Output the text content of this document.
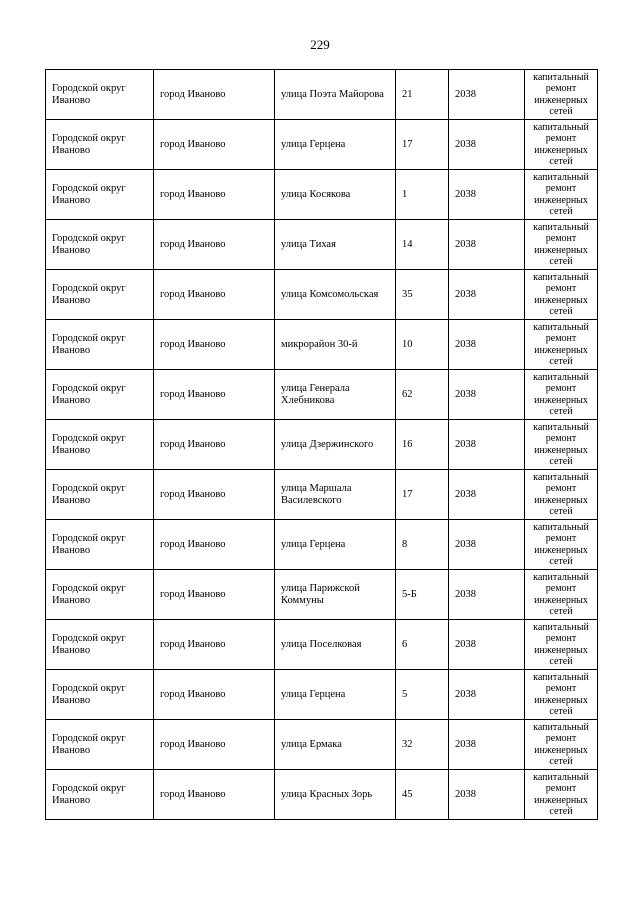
229
Городской округ Иваново	город Иваново	улица Поэта Майорова	21	2038	капитальный ремонт инженерных сетей
Городской округ Иваново	город Иваново	улица Герцена	17	2038	капитальный ремонт инженерных сетей
Городской округ Иваново	город Иваново	улица Косякова	1	2038	капитальный ремонт инженерных сетей
Городской округ Иваново	город Иваново	улица Тихая	14	2038	капитальный ремонт инженерных сетей
Городской округ Иваново	город Иваново	улица Комсомольская	35	2038	капитальный ремонт инженерных сетей
Городской округ Иваново	город Иваново	микрорайон 30-й	10	2038	капитальный ремонт инженерных сетей
Городской округ Иваново	город Иваново	улица Генерала Хлебникова	62	2038	капитальный ремонт инженерных сетей
Городской округ Иваново	город Иваново	улица Дзержинского	16	2038	капитальный ремонт инженерных сетей
Городской округ Иваново	город Иваново	улица Маршала Василевского	17	2038	капитальный ремонт инженерных сетей
Городской округ Иваново	город Иваново	улица Герцена	8	2038	капитальный ремонт инженерных сетей
Городской округ Иваново	город Иваново	улица Парижской Коммуны	5-Б	2038	капитальный ремонт инженерных сетей
Городской округ Иваново	город Иваново	улица Поселковая	6	2038	капитальный ремонт инженерных сетей
Городской округ Иваново	город Иваново	улица Герцена	5	2038	капитальный ремонт инженерных сетей
Городской округ Иваново	город Иваново	улица Ермака	32	2038	капитальный ремонт инженерных сетей
Городской округ Иваново	город Иваново	улица Красных Зорь	45	2038	капитальный ремонт инженерных сетей
